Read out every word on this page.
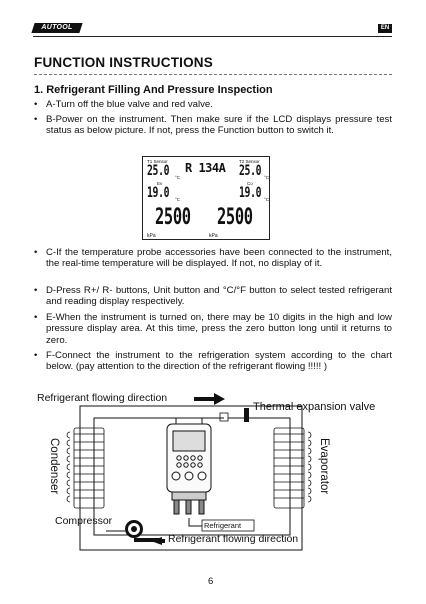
AUTOOL	EN
FUNCTION INSTRUCTIONS
1. Refrigerant Filling And Pressure Inspection
• A-Turn off the blue valve and red valve.
• B-Power on the instrument. Then make sure if the LCD displays pressure test status as below picture. If not, press the Function button to switch it.
T1 Sensor	T2 Sensor
25.0 °C
R 134A 25.0 °C
Ev	Co
19.0 °C	19.0 °C
2500 2500
kPa	kPa
• C-If the temperature probe accessories have been connected to the instrument, the real-time temperature will be displayed. If not, no display of it.
• D-Press R+/ R- buttons, Unit button and °C/°F button to select tested refrigerant and reading display respectively.
• E-When the instrument is turned on, there may be 10 digits in the high and low pressure display area. At this time, press the zero button long until it returns to zero.
• F-Connect the instrument to the refrigeration system according to the chart below. (pay attention to the direction of the refrigerant flowing !!!!! )
Refrigerant flowing direction
Thermal expansion valve
Condenser	Evaporator
Compressor	Refrigerant
Refrigerant flowing direction
6
